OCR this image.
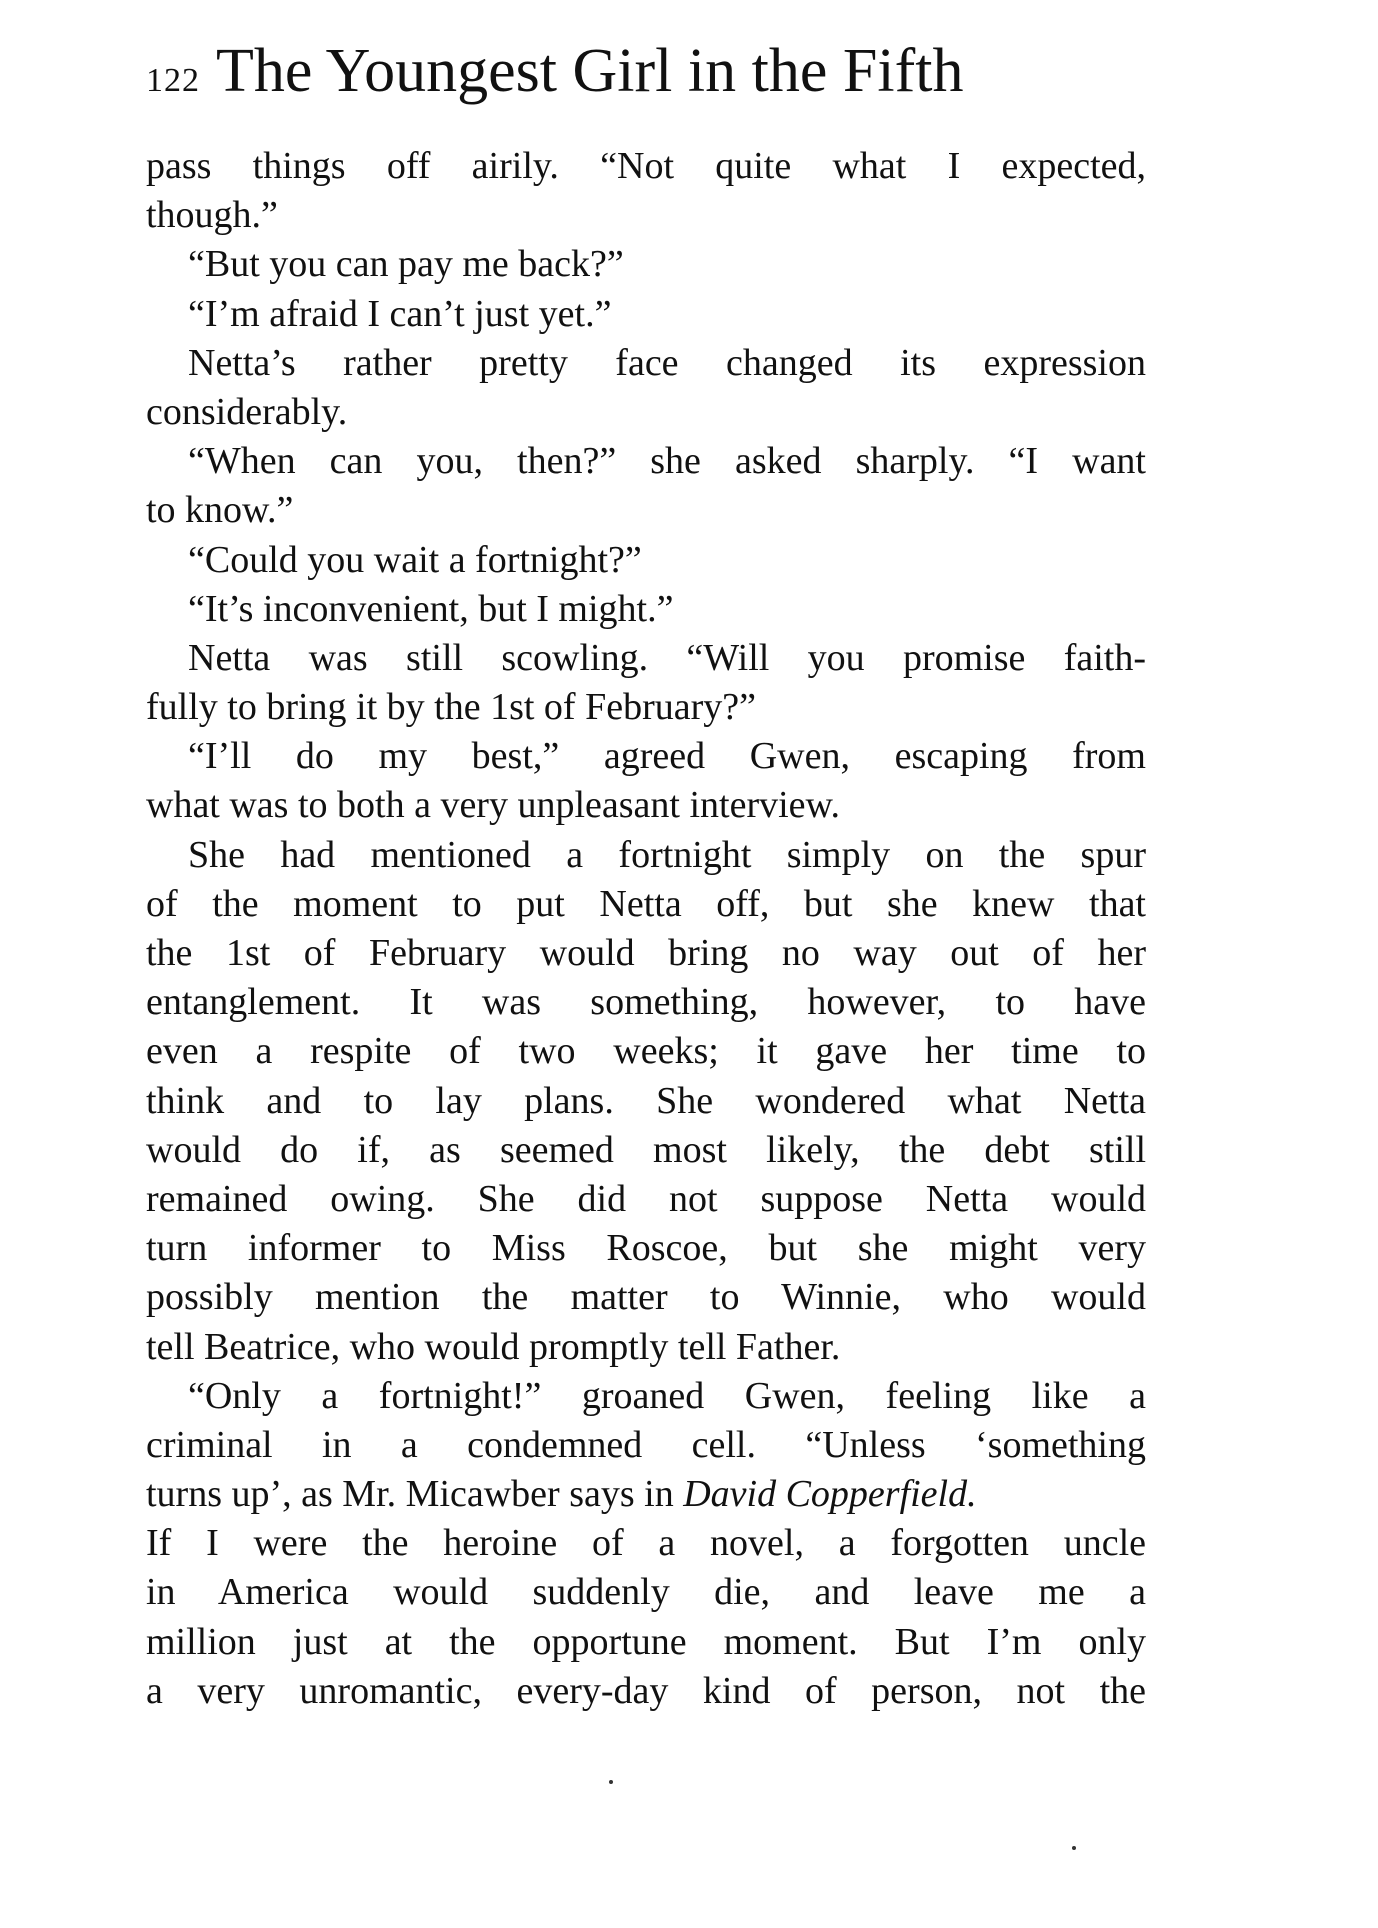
122 The Youngest Girl in the Fifth
pass things off airily. “Not quite what I expected,
though.”
“But you can pay me back?”
“I’m afraid I can’t just yet.”
Netta’s rather pretty face changed its expression
considerably.
“When can you, then?” she asked sharply. “I want
to know.”
“Could you wait a fortnight?”
“It’s inconvenient, but I might.”
Netta was still scowling. “Will you promise faith-
fully to bring it by the 1st of February?”
“I’ll do my best,” agreed Gwen, escaping from
what was to both a very unpleasant interview.
She had mentioned a fortnight simply on the spur
of the moment to put Netta off, but she knew that
the 1st of February would bring no way out of her
entanglement. It was something, however, to have
even a respite of two weeks; it gave her time to
think and to lay plans. She wondered what Netta
would do if, as seemed most likely, the debt still
remained owing. She did not suppose Netta would
turn informer to Miss Roscoe, but she might very
possibly mention the matter to Winnie, who would
tell Beatrice, who would promptly tell Father.
“Only a fortnight!” groaned Gwen, feeling like a
criminal in a condemned cell. “Unless ‘something
turns up’, as Mr. Micawber says in David Copperfield.
If I were the heroine of a novel, a forgotten uncle
in America would suddenly die, and leave me a
million just at the opportune moment. But I’m only
a very unromantic, every-day kind of person, not the
